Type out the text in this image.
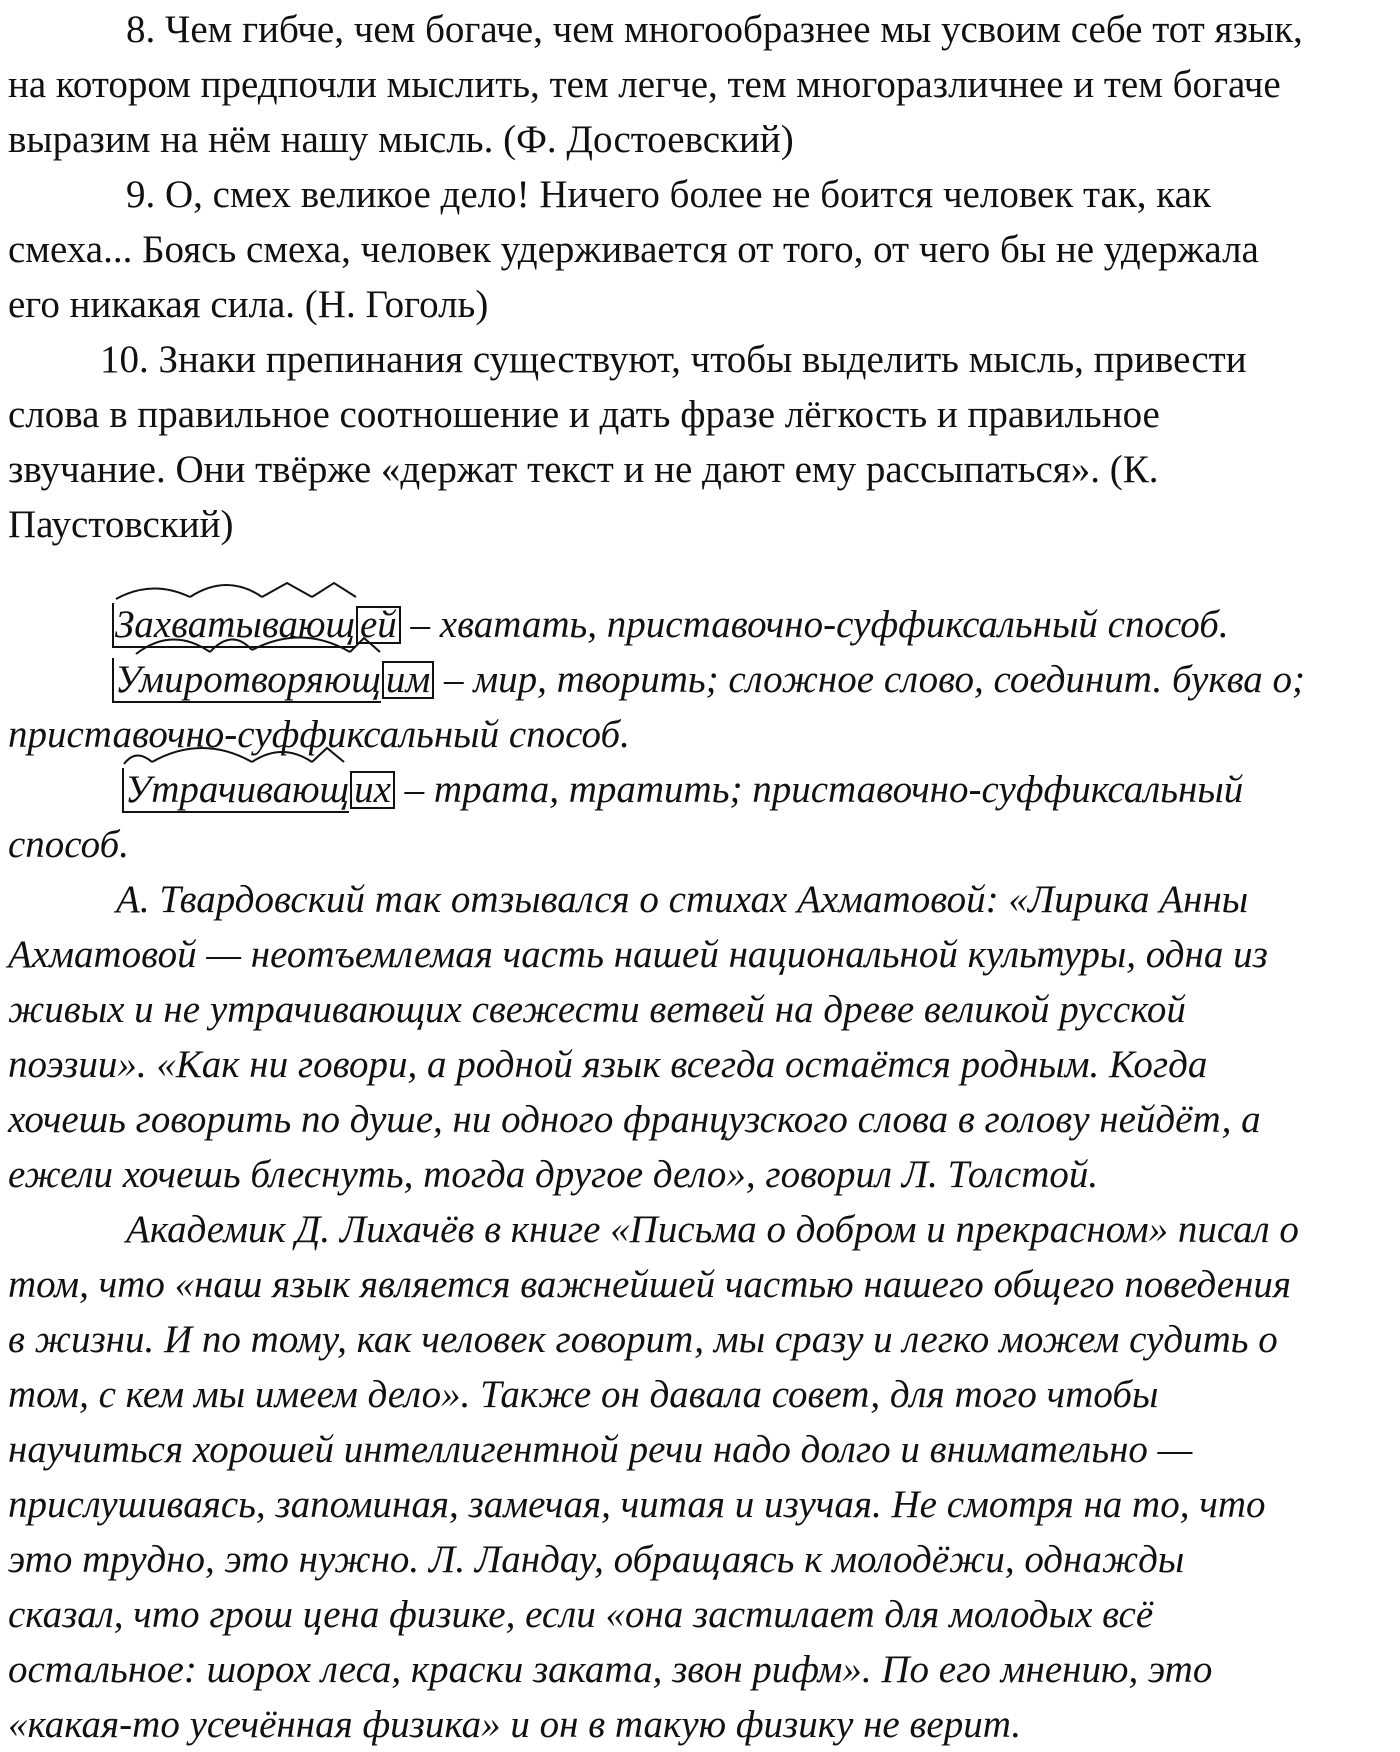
8. Чем гибче, чем богаче, чем многообразнее мы усвоим себе тот язык,
на котором предпочли мыслить, тем легче, тем многоразличнее и тем богаче
выразим на нём нашу мысль. (Ф. Достоевский)
9. О, смех великое дело! Ничего более не боится человек так, как
смеха... Боясь смеха, человек удерживается от того, от чего бы не удержала
его никакая сила. (Н. Гоголь)
10. Знаки препинания существуют, чтобы выделить мысль, привести
слова в правильное соотношение и дать фразе лёгкость и правильное
звучание. Они твёрже «держат текст и не дают ему рассыпаться». (К.
Паустовский)
Захватывающ ей – хватать, приставочно-суффиксальный способ.
Умиротворяющ им – мир, творить; сложное слово, соединит. буква о;
приставочно-суффиксальный способ.
Утрачивающ их – трата, тратить; приставочно-суффиксальный
способ.
А. Твардовский так отзывался о стихах Ахматовой: «Лирика Анны
Ахматовой — неотъемлемая часть нашей национальной культуры, одна из
живых и не утрачивающих свежести ветвей на древе великой русской
поэзии». «Как ни говори, а родной язык всегда остаётся родным. Когда
хочешь говорить по душе, ни одного французского слова в голову нейдёт, а
ежели хочешь блеснуть, тогда другое дело», говорил Л. Толстой.
Академик Д. Лихачёв в книге «Письма о добром и прекрасном» писал о
том, что «наш язык является важнейшей частью нашего общего поведения
в жизни. И по тому, как человек говорит, мы сразу и легко можем судить о
том, с кем мы имеем дело». Также он давала совет, для того чтобы
научиться хорошей интеллигентной речи надо долго и внимательно —
прислушиваясь, запоминая, замечая, читая и изучая. Не смотря на то, что
это трудно, это нужно. Л. Ландау, обращаясь к молодёжи, однажды
сказал, что грош цена физике, если «она застилает для молодых всё
остальное: шорох леса, краски заката, звон рифм». По его мнению, это
«какая-то усечённая физика» и он в такую физику не верит.
